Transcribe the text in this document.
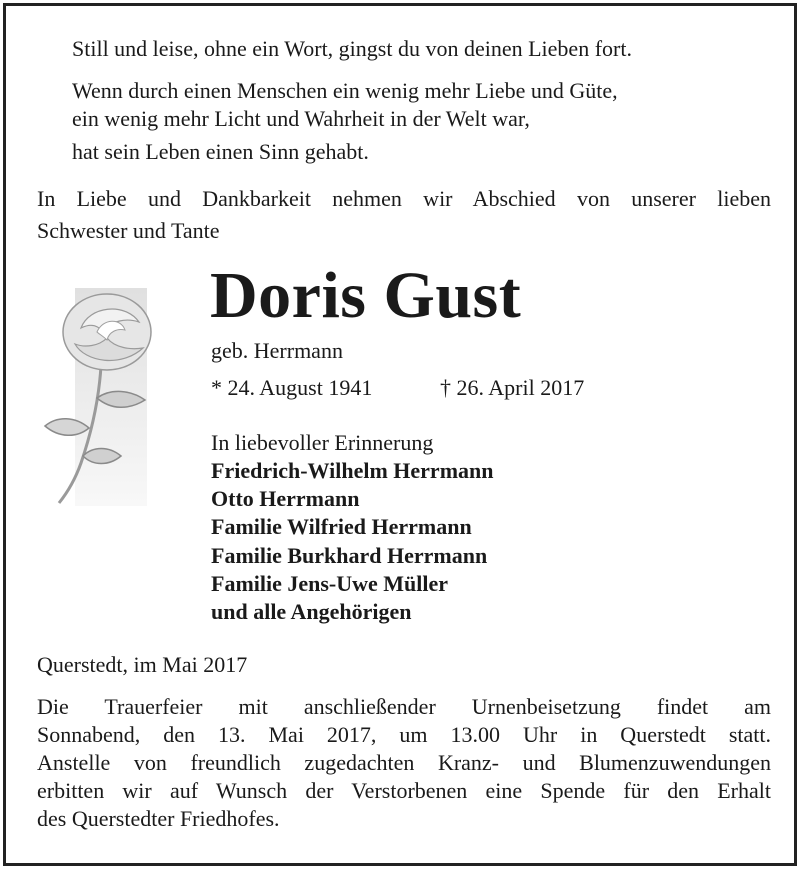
Still und leise, ohne ein Wort, gingst du von deinen Lieben fort.
Wenn durch einen Menschen ein wenig mehr Liebe und Güte,
ein wenig mehr Licht und Wahrheit in der Welt war,
hat sein Leben einen Sinn gehabt.
In Liebe und Dankbarkeit nehmen wir Abschied von unserer lieben
Schwester und Tante
Doris Gust
geb. Herrmann
* 24. August 1941	† 26. April 2017
In liebevoller Erinnerung
Friedrich-Wilhelm Herrmann
Otto Herrmann
Familie Wilfried Herrmann
Familie Burkhard Herrmann
Familie Jens-Uwe Müller
und alle Angehörigen
Querstedt, im Mai 2017
Die Trauerfeier mit anschließender Urnenbeisetzung findet am
Sonnabend, den 13. Mai 2017, um 13.00 Uhr in Querstedt statt.
Anstelle von freundlich zugedachten Kranz- und Blumenzuwendungen
erbitten wir auf Wunsch der Verstorbenen eine Spende für den Erhalt
des Querstedter Friedhofes.
